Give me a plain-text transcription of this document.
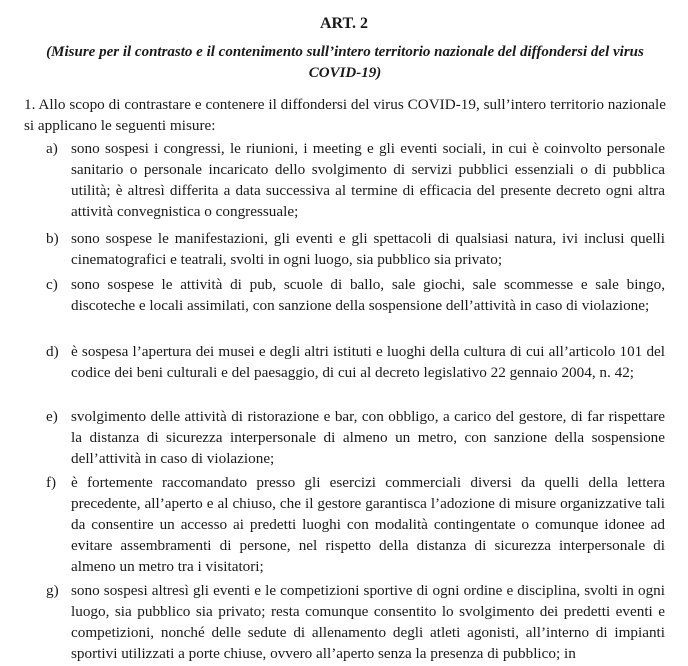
ART. 2
(Misure per il contrasto e il contenimento sull’intero territorio nazionale del diffondersi del virus COVID-19)
1. Allo scopo di contrastare e contenere il diffondersi del virus COVID-19, sull’intero territorio nazionale si applicano le seguenti misure:
a) sono sospesi i congressi, le riunioni, i meeting e gli eventi sociali, in cui è coinvolto personale sanitario o personale incaricato dello svolgimento di servizi pubblici essenziali o di pubblica utilità; è altresì differita a data successiva al termine di efficacia del presente decreto ogni altra attività convegnistica o congressuale;
b) sono sospese le manifestazioni, gli eventi e gli spettacoli di qualsiasi natura, ivi inclusi quelli cinematografici e teatrali, svolti in ogni luogo, sia pubblico sia privato;
c) sono sospese le attività di pub, scuole di ballo, sale giochi, sale scommesse e sale bingo, discoteche e locali assimilati, con sanzione della sospensione dell’attività in caso di violazione;
d) è sospesa l’apertura dei musei e degli altri istituti e luoghi della cultura di cui all’articolo 101 del codice dei beni culturali e del paesaggio, di cui al decreto legislativo 22 gennaio 2004, n. 42;
e) svolgimento delle attività di ristorazione e bar, con obbligo, a carico del gestore, di far rispettare la distanza di sicurezza interpersonale di almeno un metro, con sanzione della sospensione dell’attività in caso di violazione;
f) è fortemente raccomandato presso gli esercizi commerciali diversi da quelli della lettera precedente, all’aperto e al chiuso, che il gestore garantisca l’adozione di misure organizzative tali da consentire un accesso ai predetti luoghi con modalità contingentate o comunque idonee ad evitare assembramenti di persone, nel rispetto della distanza di sicurezza interpersonale di almeno un metro tra i visitatori;
g) sono sospesi altresì gli eventi e le competizioni sportive di ogni ordine e disciplina, svolti in ogni luogo, sia pubblico sia privato; resta comunque consentito lo svolgimento dei predetti eventi e competizioni, nonché delle sedute di allenamento degli atleti agonisti, all’interno di impianti sportivi utilizzati a porte chiuse, ovvero all’aperto senza la presenza di pubblico; in
